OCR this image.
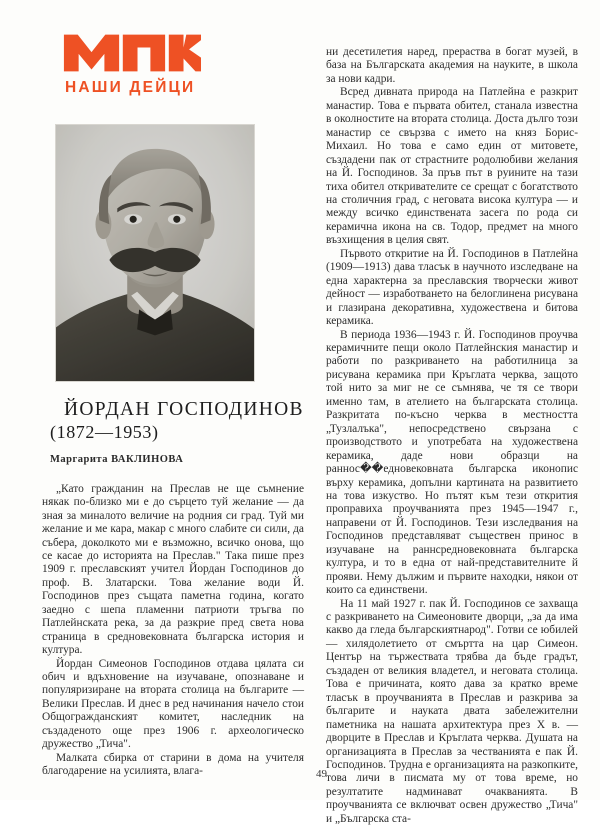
НАШИ ДЕЙЦИ
ЙОРДАН ГОСПОДИНОВ
(1872—1953)
Маргарита ВАКЛИНОВА

„Като гражданин на Преслав не ще съмнение някак по-близко ми е до сърцето туй желание — да зная за миналото величие на родния си град. Туй ми желание и ме кара, макар с много слабите си сили, да събера, доколкото ми е възможно, всичко онова, що се касае до историята на Преслав." Така пише през 1909 г. преславският учител Йордан Господинов до проф. В. Златарски. Това желание води Й. Господинов през същата паметна година, когато заедно с шепа пламенни патриоти тръгва по Патлейнската река, за да разкрие пред света нова страница в средновековната българска история и култура.

Йордан Симеонов Господинов отдава цялата си обич и вдъхновение на изучаване, опознаване и популяризиране на втората столица на българите — Велики Преслав. И днес в ред начинания начело стои Общогражданският комитет, наследник на създаденото още през 1906 г. археологическо дружество „Тича".

Малката сбирка от старини в дома на учителя благодарение на усилията, влага-

ни десетилетия наред, прераства в богат музей, в база на Българската академия на науките, в школа за нови кадри.

Всред дивната природа на Патлейна е разкрит манастир. Това е първата обител, станала известна в околностите на втората столица. Доста дълго този манастир се свързва с името на княз Борис-Михаил. Но това е само един от митовете, създадени пак от страстните родолюбиви желания на Й. Господинов. За пръв път в руините на тази тиха обител откривателите се срещат с богатството на столичния град, с неговата висока култура — и между всичко единствената засега по рода си керамична икона на св. Тодор, предмет на много възхищения в целия свят.

Първото откритие на Й. Господинов в Патлейна (1909—1913) дава тласък в научното изследване на една характерна за преславския творчески живот дейност — изработването на белоглинена рисувана и глазирана декоративна, художествена и битова керамика.

В периода 1936—1943 г. Й. Господинов проучва керамичните пещи около Патлейнския манастир и работи по разкриването на работилница за рисувана керамика при Кръглата черква, защото той нито за миг не се съмнява, че тя се твори именно там, в ателието на българската столица. Разкритата по-късно черква в местността „Тузлалъка", непосредствено свързана с производството и употребата на художествена керамика, даде нови образци на раннос��едновековната българска иконопис върху керамика, допълни картината на развитието на това изкуство. Но пътят към тези открития проправиха проучванията през 1945—1947 г., направени от Й. Господинов. Тези изследвания на Господинов представляват съществен принос в изучаване на раннсредновековната българска култура, и то в една от най-представителните й прояви. Нему дължим и първите находки, някои от които са единствени.

На 11 май 1927 г. пак Й. Господинов се захваща с разкриването на Симеоновите дворци, „за да има какво да гледа българскиятнарод". Готви се юбилей — хилядолетието от смъртта на цар Симеон. Център на тържествата трябва да бъде градът, създаден от великия владетел, и неговата столица. Това е причината, която дава за кратко време тласък в проучванията в Преслав и разкрива за българите и науката двата забележителни паметника на нашата архитектура през X в. — дворците в Преслав и Кръглата черква. Душата на организацията в Преслав за честванията е пак Й. Господинов. Трудна е организацията на разкопките, това личи в писмата му от това време, но резултатите надминават очакванията. В проучванията се включват освен дружество „Тича" и „Българска ста-

49
